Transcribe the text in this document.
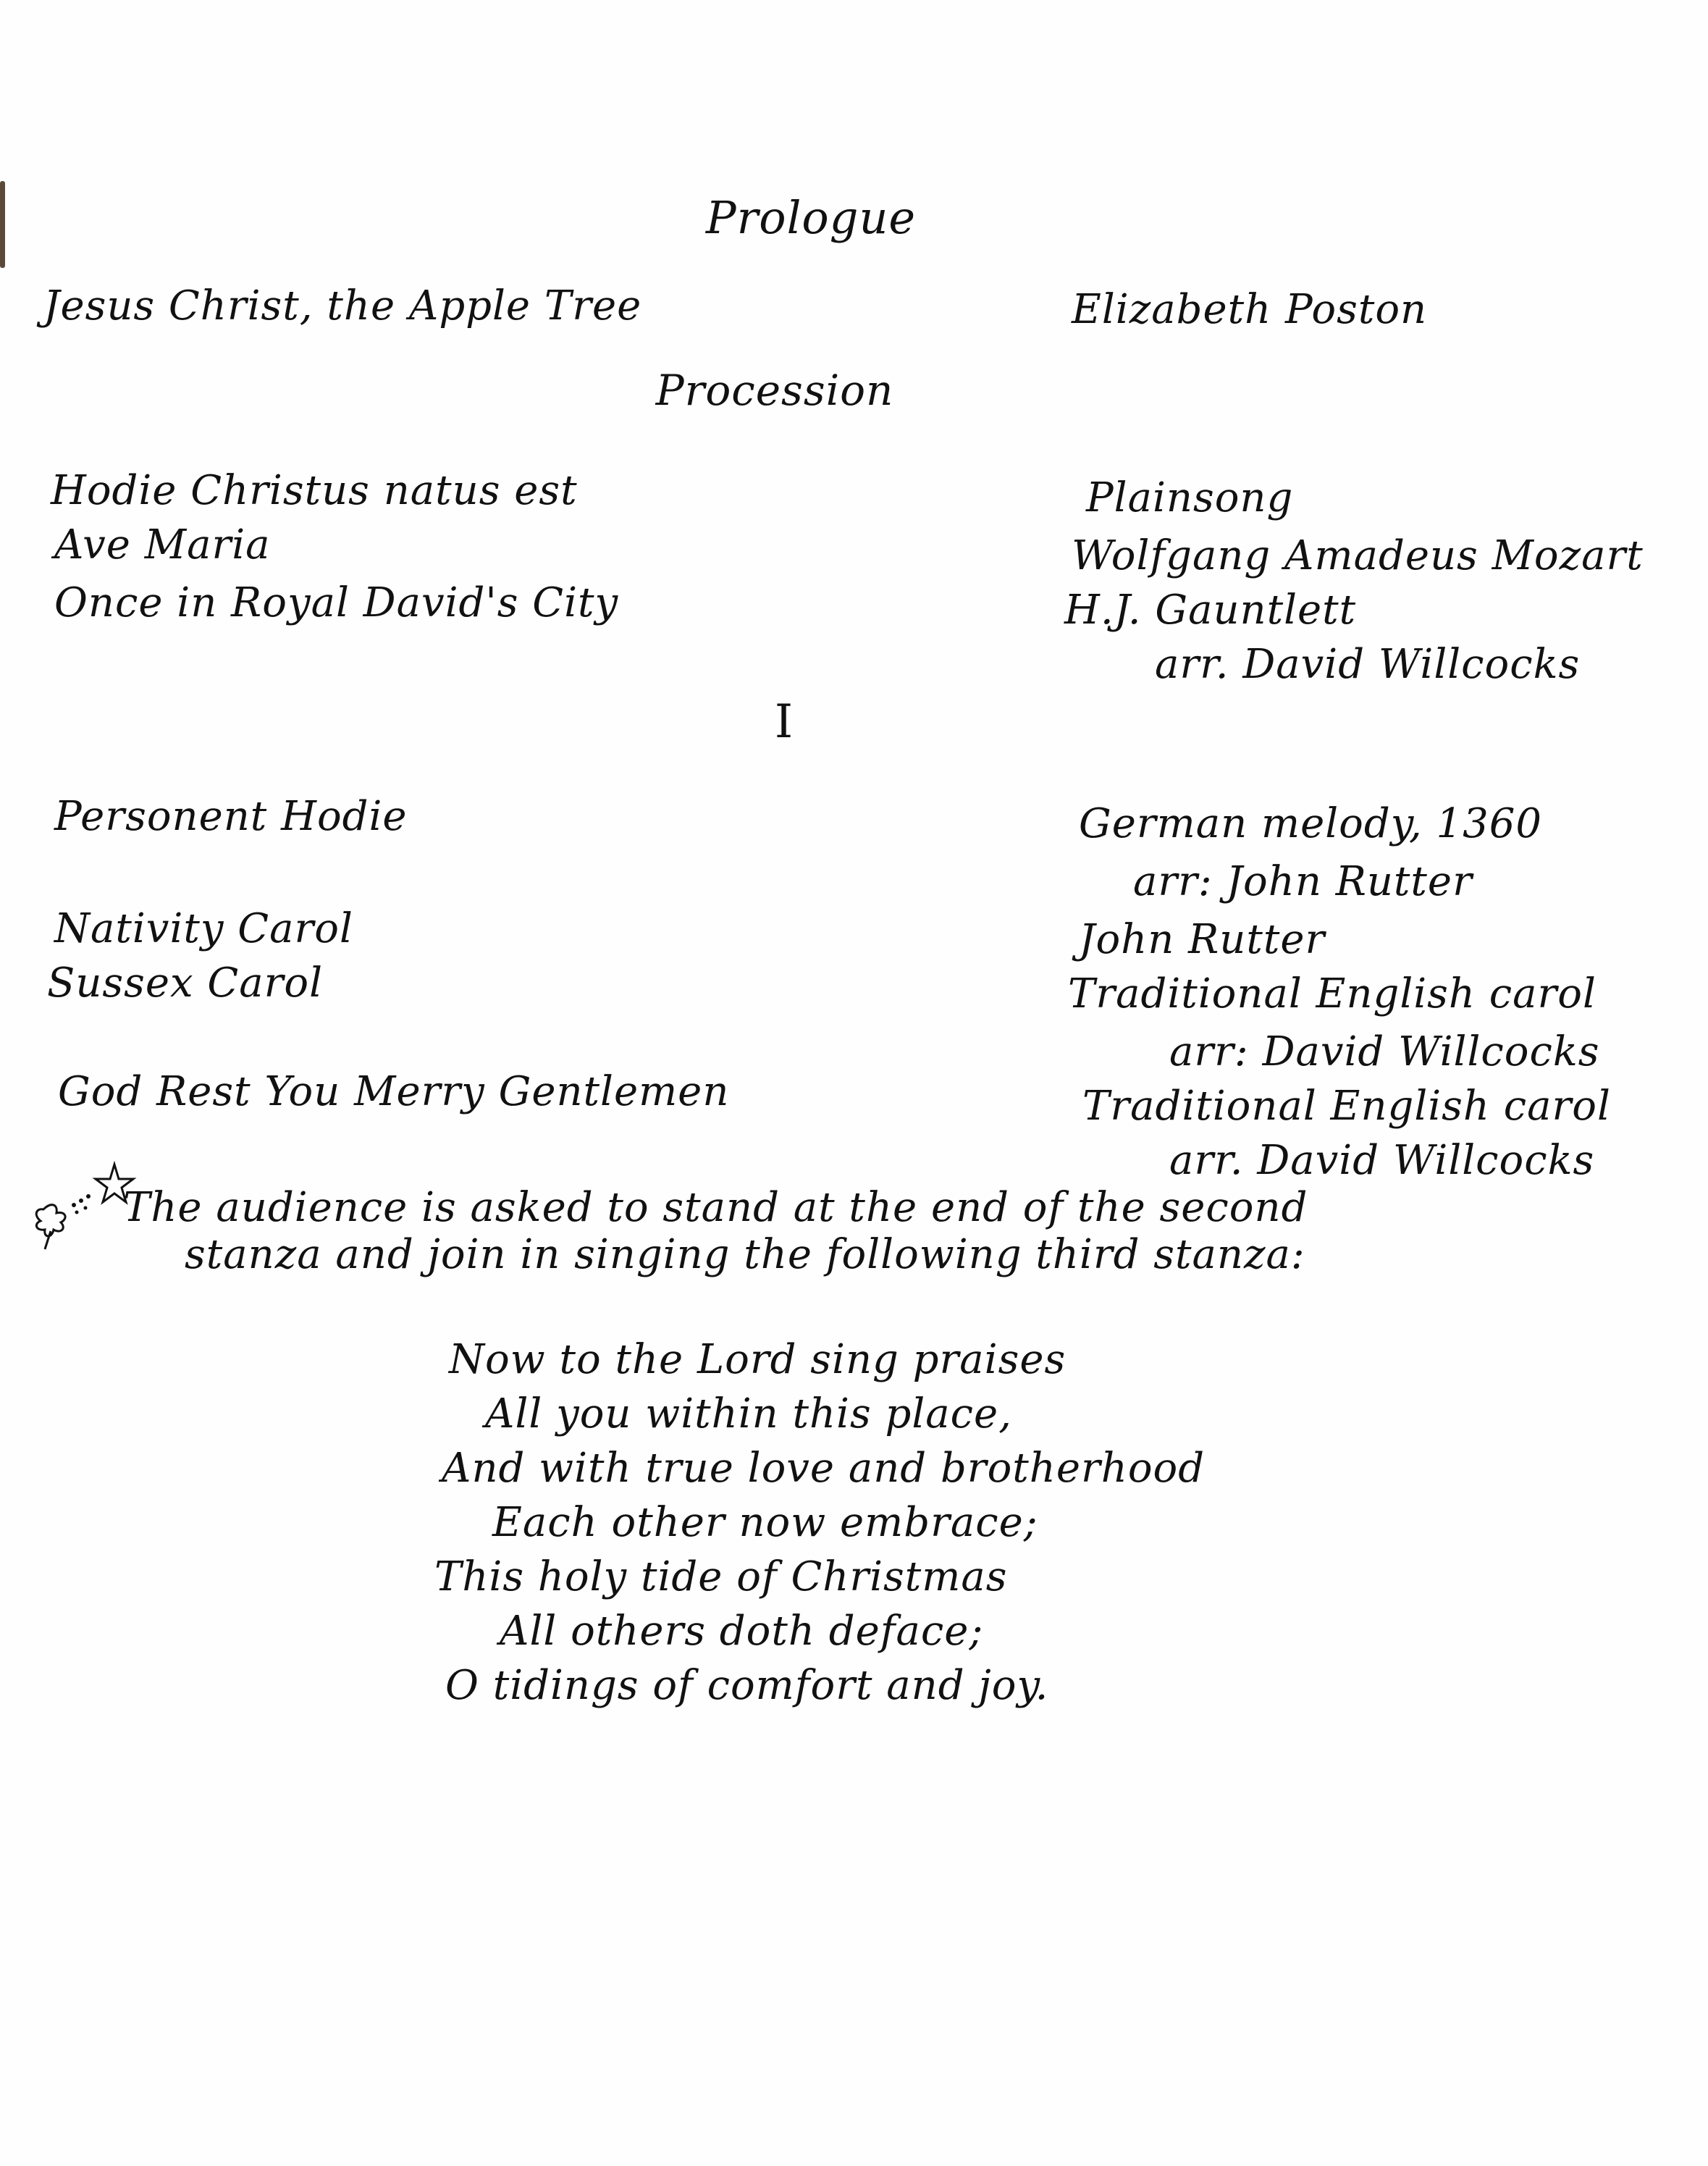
Prologue
Jesus Christ, the Apple Tree	Elizabeth Poston
Procession
Hodie Christus natus est
Ave Maria
Once in Royal David's City
Plainsong
Wolfgang Amadeus Mozart
H.J. Gauntlett
arr. David Willcocks
I
Personent Hodie
Nativity Carol
Sussex Carol
God Rest You Merry Gentlemen
German melody, 1360
arr: John Rutter
John Rutter
Traditional English carol
arr: David Willcocks
Traditional English carol
arr. David Willcocks
The audience is asked to stand at the end of the second
stanza and join in singing the following third stanza:
Now to the Lord sing praises
All you within this place,
And with true love and brotherhood
Each other now embrace;
This holy tide of Christmas
All others doth deface;
O tidings of comfort and joy.
